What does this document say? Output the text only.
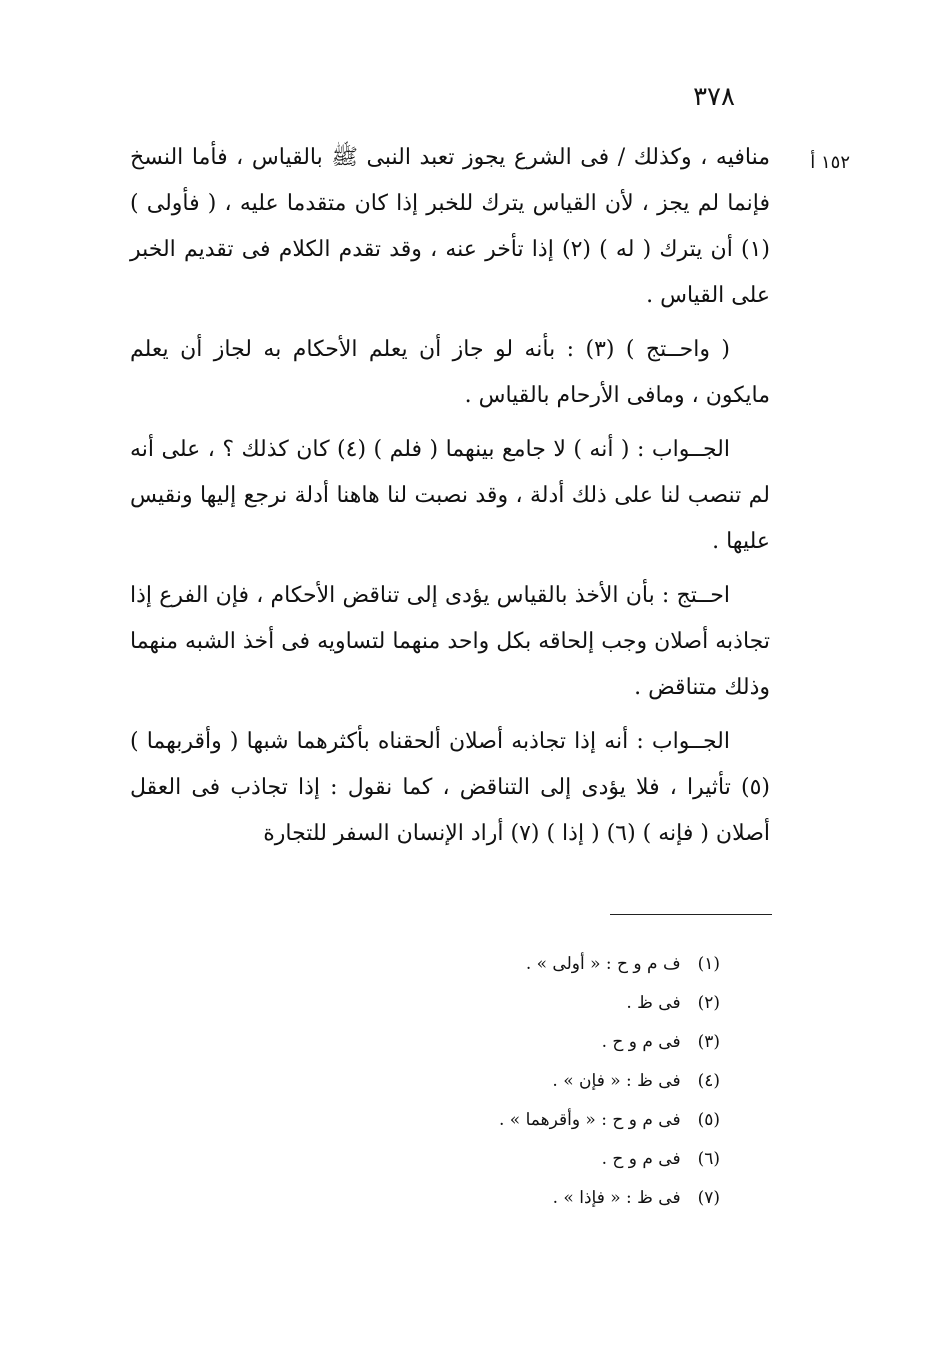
٣٧٨
١٥٢ أ

منافيه ، وكذلك / فى الشرع يجوز تعبد النبى ﷺ بالقياس ، فأما النسخ فإنما لم يجز ، لأن القياس يترك للخبر إذا كان متقدما عليه ، ( فأولى ) (١) أن يترك ( له ) (٢) إذا تأخر عنه ، وقد تقدم الكلام فى تقديم الخبر على القياس .

( واحــتج ) (٣) : بأنه لو جاز أن يعلم الأحكام به لجاز أن يعلم مايكون ، ومافى الأرحام بالقياس .

الجــواب : ( أنه ) لا جامع بينهما ( فلم ) (٤) كان كذلك ؟ ، على أنه لم تنصب لنا على ذلك أدلة ، وقد نصبت لنا هاهنا أدلة نرجع إليها ونقيس عليها .

احــتج : بأن الأخذ بالقياس يؤدى إلى تناقض الأحكام ، فإن الفرع إذا تجاذبه أصلان وجب إلحاقه بكل واحد منهما لتساويه فى أخذ الشبه منهما وذلك متناقض .

الجــواب : أنه إذا تجاذبه أصلان ألحقناه بأكثرهما شبها ( وأقربهما ) (٥) تأثيرا ، فلا يؤدى إلى التناقض ، كما نقول : إذا تجاذب فى العقل أصلان ( فإنه ) (٦) ( إذا ) (٧) أراد الإنسان السفر للتجارة

(١) ف م و ح : « أولى » .
(٢) فى ظ .
(٣) فى م و ح .
(٤) فى ظ : « فإن » .
(٥) فى م و ح : « وأقرهما » .
(٦) فى م و ح .
(٧) فى ظ : « فإذا » .
